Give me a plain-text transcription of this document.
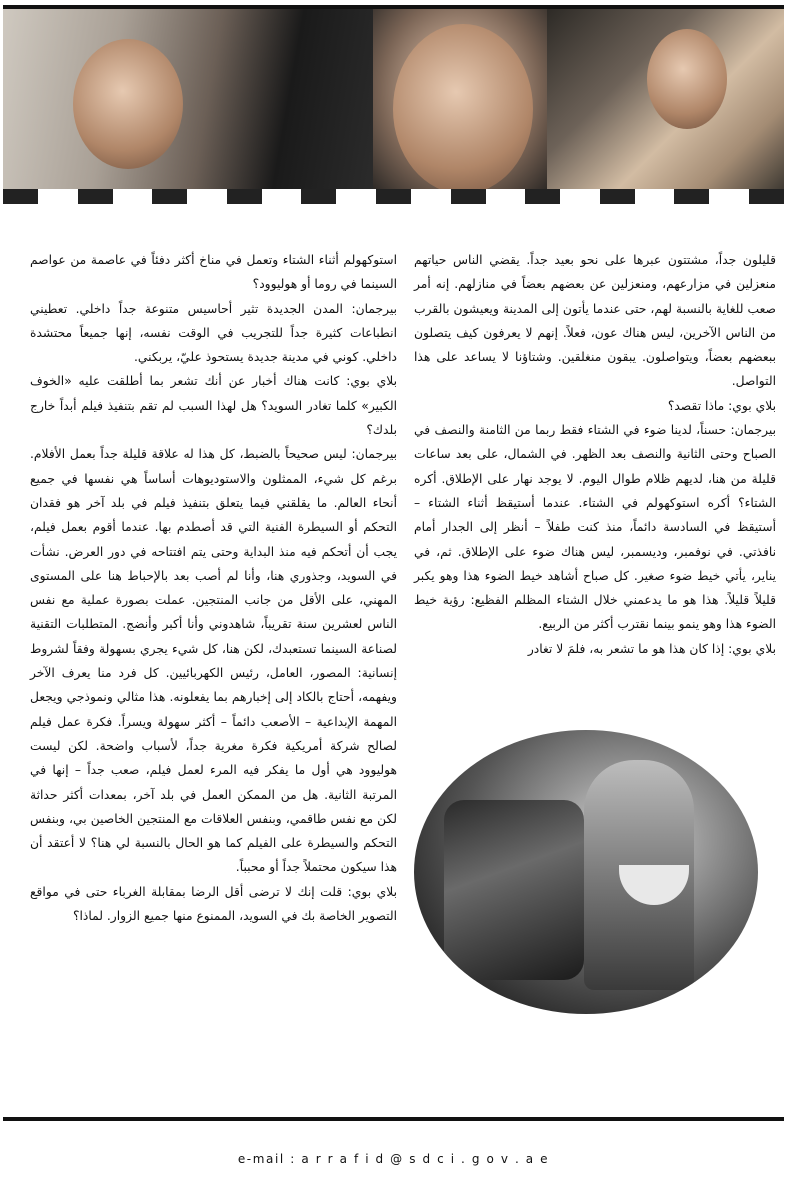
قليلون جداً، مشتتون عبرها على نحو بعيد جداً. يقضي الناس حياتهم منعزلين في مزارعهم، ومنعزلين عن بعضهم بعضاً في منازلهم. إنه أمر صعب للغاية بالنسبة لهم، حتى عندما يأتون إلى المدينة ويعيشون بالقرب من الناس الآخرين، ليس هناك عون، فعلاً. إنهم لا يعرفون كيف يتصلون ببعضهم بعضاً، ويتواصلون. يبقون منغلقين. وشتاؤنا لا يساعد على هذا التواصل.

بلاي بوي: ماذا تقصد؟

بيرجمان: حسناً، لدينا ضوء في الشتاء فقط ربما من الثامنة والنصف في الصباح وحتى الثانية والنصف بعد الظهر. في الشمال، على بعد ساعات قليلة من هنا، لديهم ظلام طوال اليوم. لا يوجد نهار على الإطلاق. أكره الشتاء؟ أكره استوكهولم في الشتاء. عندما أستيقظ أثناء الشتاء – أستيقظ في السادسة دائماً، منذ كنت طفلاً – أنظر إلى الجدار أمام نافذتي. في نوفمبر، وديسمبر، ليس هناك ضوء على الإطلاق. ثم، في يناير، يأتي خيط ضوء صغير. كل صباح أشاهد خيط الضوء هذا وهو يكبر قليلاً قليلاً. هذا هو ما يدعمني خلال الشتاء المظلم الفظيع: رؤية خيط الضوء هذا وهو ينمو بينما نقترب أكثر من الربيع.

بلاي بوي: إذا كان هذا هو ما تشعر به، فلمَ لا تغادر

استوكهولم أثناء الشتاء وتعمل في مناخ أكثر دفئاً في عاصمة من عواصم السينما في روما أو هوليوود؟

بيرجمان: المدن الجديدة تثير أحاسيس متنوعة جداً داخلي. تعطيني انطباعات كثيرة جداً للتجريب في الوقت نفسه، إنها جميعاً محتشدة داخلي. كوني في مدينة جديدة يستحوذ عليّ، يربكني.

بلاي بوي: كانت هناك أخبار عن أنك تشعر بما أطلقت عليه «الخوف الكبير» كلما تغادر السويد؟ هل لهذا السبب لم تقم بتنفيذ فيلم أبداً خارج بلدك؟

بيرجمان: ليس صحيحاً بالضبط، كل هذا له علاقة قليلة جداً بعمل الأفلام. برغم كل شيء، الممثلون والاستوديوهات أساساً هي نفسها في جميع أنحاء العالم. ما يقلقني فيما يتعلق بتنفيذ فيلم في بلد آخر هو فقدان التحكم أو السيطرة الفنية التي قد أصطدم بها. عندما أقوم بعمل فيلم، يجب أن أتحكم فيه منذ البداية وحتى يتم افتتاحه في دور العرض. نشأت في السويد، وجذوري هنا، وأنا لم أصب بعد بالإحباط هنا على المستوى المهني، على الأقل من جانب المنتجين. عملت بصورة عملية مع نفس الناس لعشرين سنة تقريباً، شاهدوني وأنا أكبر وأنضج. المتطلبات التقنية لصناعة السينما تستعبدك، لكن هنا، كل شيء يجري بسهولة وفقاً لشروط إنسانية: المصور، العامل، رئيس الكهربائيين. كل فرد منا يعرف الآخر ويفهمه، أحتاج بالكاد إلى إخبارهم بما يفعلونه. هذا مثالي ونموذجي ويجعل المهمة الإبداعية – الأصعب دائماً – أكثر سهولة ويسراً. فكرة عمل فيلم لصالح شركة أمريكية فكرة مغرية جداً، لأسباب واضحة. لكن ليست هوليوود هي أول ما يفكر فيه المرء لعمل فيلم، صعب جداً – إنها في المرتبة الثانية. هل من الممكن العمل في بلد آخر، بمعدات أكثر حداثة لكن مع نفس طاقمي، وبنفس العلاقات مع المنتجين الخاصين بي، وبنفس التحكم والسيطرة على الفيلم كما هو الحال بالنسبة لي هنا؟ لا أعتقد أن هذا سيكون محتملاً جداً أو محبباً.

بلاي بوي: قلت إنك لا ترضى أقل الرضا بمقابلة الغرباء حتى في مواقع التصوير الخاصة بك في السويد، الممنوع منها جميع الزوار. لماذا؟

e-mail : a r r a f i d @ s d c i . g o v . a e
